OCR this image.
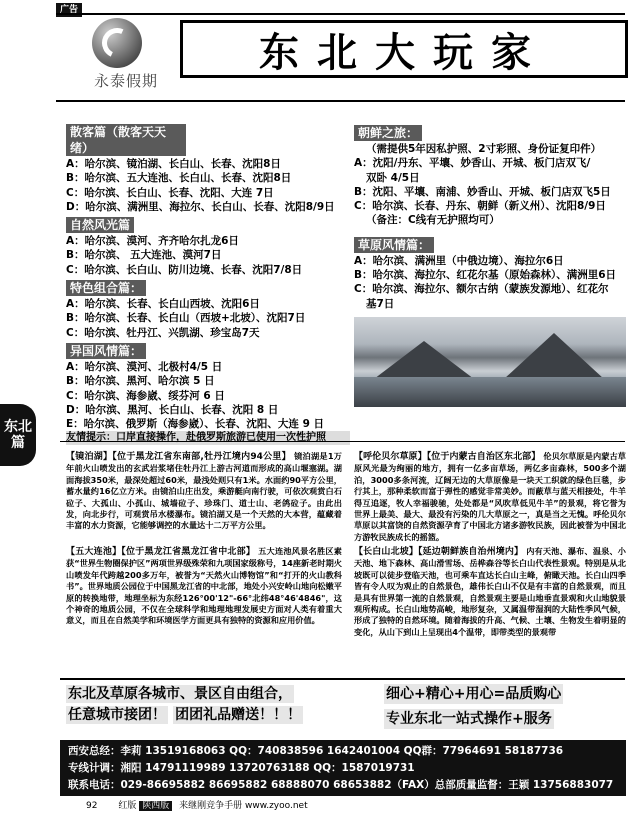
广告
永泰假期
东北大玩家
东北
篇
散客篇（散客天天绪）
A：哈尔滨、镜泊湖、长白山、长春、沈阳8日
B：哈尔滨、五大连池、长白山、长春、沈阳8日
C：哈尔滨、长白山、长春、沈阳、大连 7日
D：哈尔滨、满洲里、海拉尔、长白山、长春、沈阳8/9日
自然风光篇
A：哈尔滨、漠河、齐齐哈尔扎龙6日
B：哈尔滨、 五大连池、漠河7日
C：哈尔滨、长白山、防川边境、长春、沈阳7/8日
特色组合篇：
A：哈尔滨、长春、长白山西坡、沈阳6日
B：哈尔滨、长春、长白山（西坡+北坡）、沈阳7日
C：哈尔滨、牡丹江、兴凯湖、珍宝岛7天
异国风情篇：
A：哈尔滨、漠河、北极村4/5 日
B：哈尔滨、黑河、哈尔滨 5 日
C：哈尔滨、海参崴、绥芬河 6 日
D：哈尔滨、黑河、长白山、长春、沈阳 8 日
E：哈尔滨、俄罗斯（海参崴）、长春、沈阳、大连 9 日
友情提示：口岸直接操作，赴俄罗斯旅游已使用一次性护照
朝鲜之旅：
（需提供5年因私护照、2寸彩照、身份证复印件）
A：沈阳/丹东、平壤、妙香山、开城、板门店双飞/
双卧 4/5日
B：沈阳、平壤、南浦、妙香山、开城、板门店双飞5日
C：哈尔滨、长春、丹东、朝鲜（新义州）、沈阳8/9日
（备注：C线有无护照均可）
草原风情篇：
A：哈尔滨、满洲里（中俄边境）、海拉尔6日
B：哈尔滨、海拉尔、红花尔基（原始森林）、满洲里6日
C：哈尔滨、海拉尔、额尔古纳（蒙族发源地）、红花尔
基7日
【镜泊湖】【位于黑龙江省东南部,牡丹江境内94公里】 镜泊湖是1万年前火山喷发出的玄武岩浆堵住牡丹江上游古河道而形成的高山堰塞湖。湖面海拔350米，最深处超过60米，最浅处则只有1米。水面约90平方公里，蓄水量约16亿立方米。由镜泊山庄出发，乘游艇向南行驶，可依次观赏白石砬子、大孤山、小孤山、城墙砬子、珍珠门、道士山、老鸽砬子。由此出发，向北步行，可观赏吊水楼瀑布。镜泊湖又是一个天然的大本营，蕴藏着丰富的水力资源，它能够调控的水量达十二万平方公里。
【五大连池】【位于黑龙江省黑龙江省中北部】 五大连池风景名胜区素获“世界生物圈保护区”两项世界级殊荣和九项国家级称号，14座新老时期火山喷发年代跨越200多万年，被誉为“天然火山博物馆”和“打开的火山教科书”。世界地质公园位于中国黑龙江省的中北部，地处小兴安岭山地向松嫩平原的转换地带，地理坐标为东经126°00'12"-66°北纬48°46'4846"，这个神奇的地质公园，不仅在全球科学和地理地理发展史方面对人类有着重大意义，而且在自然美学和环境医学方面更具有独特的资源和应用价值。
【呼伦贝尔草原】【位于内蒙古自治区东北部】 伦贝尔草原是内蒙古草原风光最为绚丽的地方，拥有一亿多亩草场，两亿多亩森林，500多个湖泊，3000多条河流，辽阔无边的大草原像是一块天工织就的绿色巨毯，步行其上，那种柔软而富于弹性的感觉非常美妙。而蔽草与蓝天相接处，牛羊得互追逐，牧人幸福骏驰，处处都是“风吹草低见牛羊”的景观，将它誉为世界上最美、最大、最没有污染的几大草原之一，真是当之无愧。呼伦贝尔草原以其富饶的自然资源孕育了中国北方诸多游牧民族，因此被誉为中国北方游牧民族成长的摇篮。
【长白山北坡】【延边朝鲜族自治州境内】 内有天池、瀑布、温泉、小天池、地下森林、高山滑雪场、岳桦森谷等长白山代表性景观。特别是从北坡既可以徒步登临天池，也可乘车直达长白山主峰，俯瞰天池。长白山四季皆有令人叹为观止的自然景色，雄伟长白山不仅是有丰富的自然景观，而且是具有世界第一流的自然景观，自然景观主要是山地垂直景观和火山地貌景观所构成。长白山地势高峻，地形复杂，又属温带湿润的大陆性季风气候，形成了独特的自然环境。随着海拔的升高、气候、土壤、生物发生着明显的变化，从山下到山上呈现出4个温带，即带类型的景观带
东北及草原各城市、景区自由组合， 任意城市接团！ 团团礼品赠送！！！
细心+精心+用心=品质购心 专业东北一站式操作+服务
西安总经：李莉 13519168063 QQ：740838596 1642401004 QQ群：77964691 58187736
专线计调：湘阳 14791119989 13720763188 QQ：1587019731
联系电话：029-86695882 86695882 68888070 68653882（FAX）总部质量监督：王颖 13756883077
92 红版 陕西版 来继刚竞争手册 www.zyoo.net
